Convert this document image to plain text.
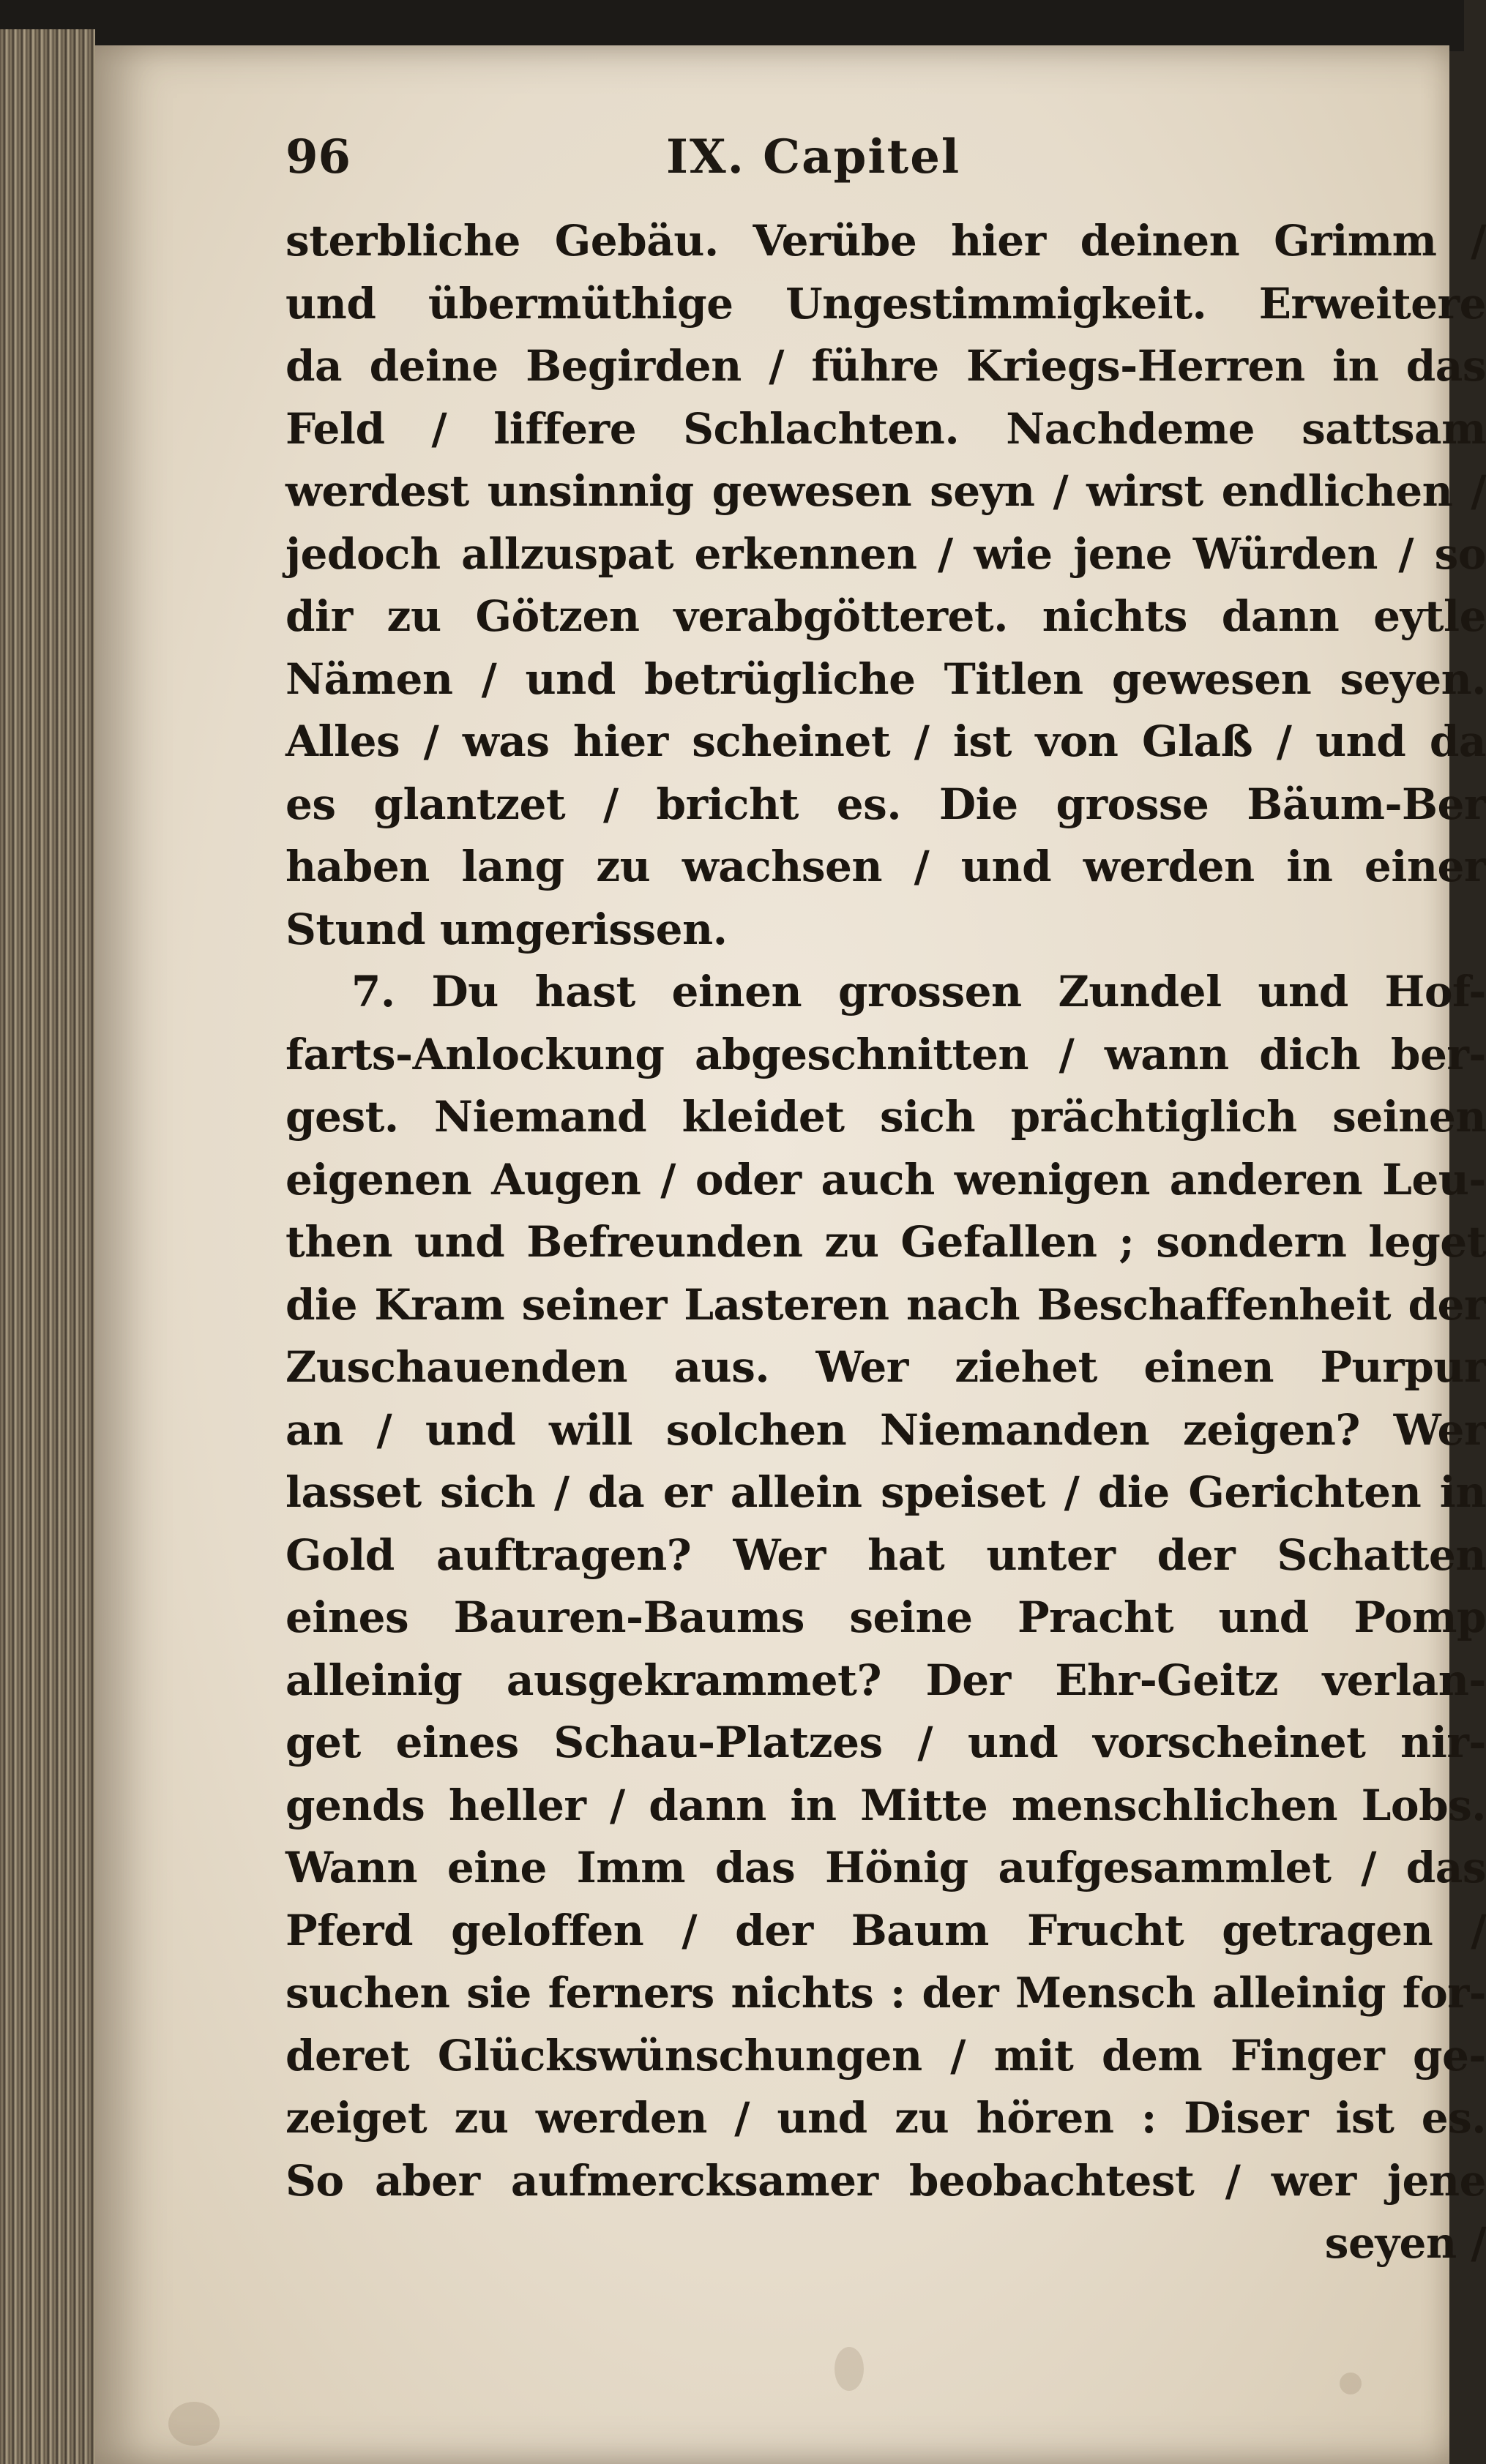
96	IX. Capitel
sterbliche Gebäu. Verübe hier deinen Grimm /
und übermüthige Ungestimmigkeit. Erweitere
da deine Begirden / führe Kriegs-Herren in das
Feld / liffere Schlachten. Nachdeme sattsam
werdest unsinnig gewesen seyn / wirst endlichen /
jedoch allzuspat erkennen / wie jene Würden / so
dir zu Götzen verabgötteret. nichts dann eytle
Nämen / und betrügliche Titlen gewesen seyen.
Alles / was hier scheinet / ist von Glaß / und da
es glantzet / bricht es. Die grosse Bäum-Ber
haben lang zu wachsen / und werden in einer
Stund umgerissen.
7. Du hast einen grossen Zundel und Hof-
farts-Anlockung abgeschnitten / wann dich ber-
gest. Niemand kleidet sich prächtiglich seinen
eigenen Augen / oder auch wenigen anderen Leu-
then und Befreunden zu Gefallen ; sondern leget
die Kram seiner Lasteren nach Beschaffenheit der
Zuschauenden aus. Wer ziehet einen Purpur
an / und will solchen Niemanden zeigen? Wer
lasset sich / da er allein speiset / die Gerichten in
Gold auftragen? Wer hat unter der Schatten
eines Bauren-Baums seine Pracht und Pomp
alleinig ausgekrammet? Der Ehr-Geitz verlan-
get eines Schau-Platzes / und vorscheinet nir-
gends heller / dann in Mitte menschlichen Lobs.
Wann eine Imm das Hönig aufgesammlet / das
Pferd geloffen / der Baum Frucht getragen /
suchen sie ferners nichts : der Mensch alleinig for-
deret Glückswünschungen / mit dem Finger ge-
zeiget zu werden / und zu hören : Diser ist es.
So aber aufmercksamer beobachtest / wer jene
seyen /
